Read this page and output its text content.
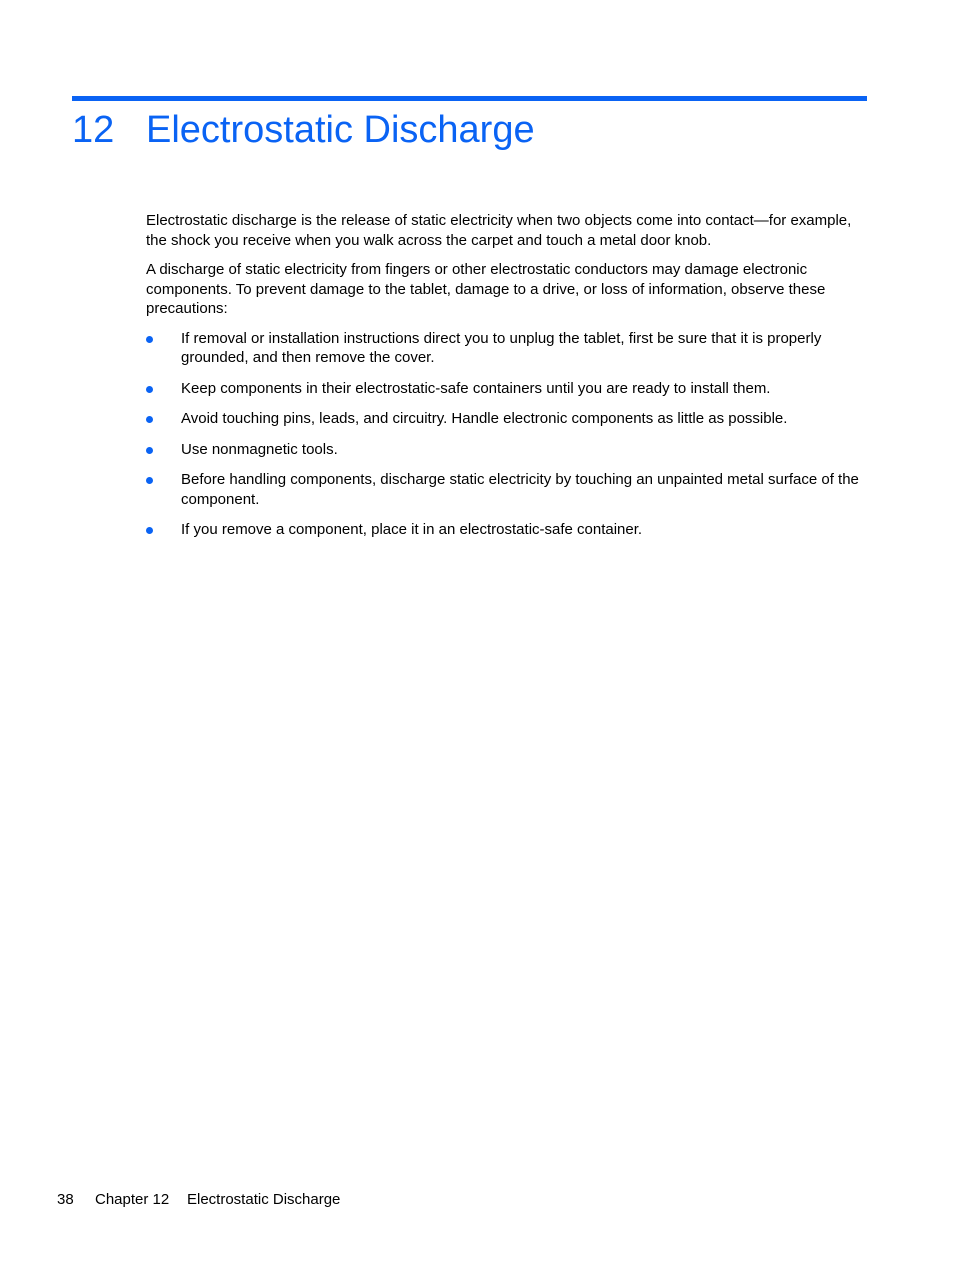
12 Electrostatic Discharge

Electrostatic discharge is the release of static electricity when two objects come into contact—for example, the shock you receive when you walk across the carpet and touch a metal door knob.

A discharge of static electricity from fingers or other electrostatic conductors may damage electronic components. To prevent damage to the tablet, damage to a drive, or loss of information, observe these precautions:

If removal or installation instructions direct you to unplug the tablet, first be sure that it is properly grounded, and then remove the cover.
Keep components in their electrostatic-safe containers until you are ready to install them.
Avoid touching pins, leads, and circuitry. Handle electronic components as little as possible.
Use nonmagnetic tools.
Before handling components, discharge static electricity by touching an unpainted metal surface of the component.
If you remove a component, place it in an electrostatic-safe container.
38 Chapter 12 Electrostatic Discharge
